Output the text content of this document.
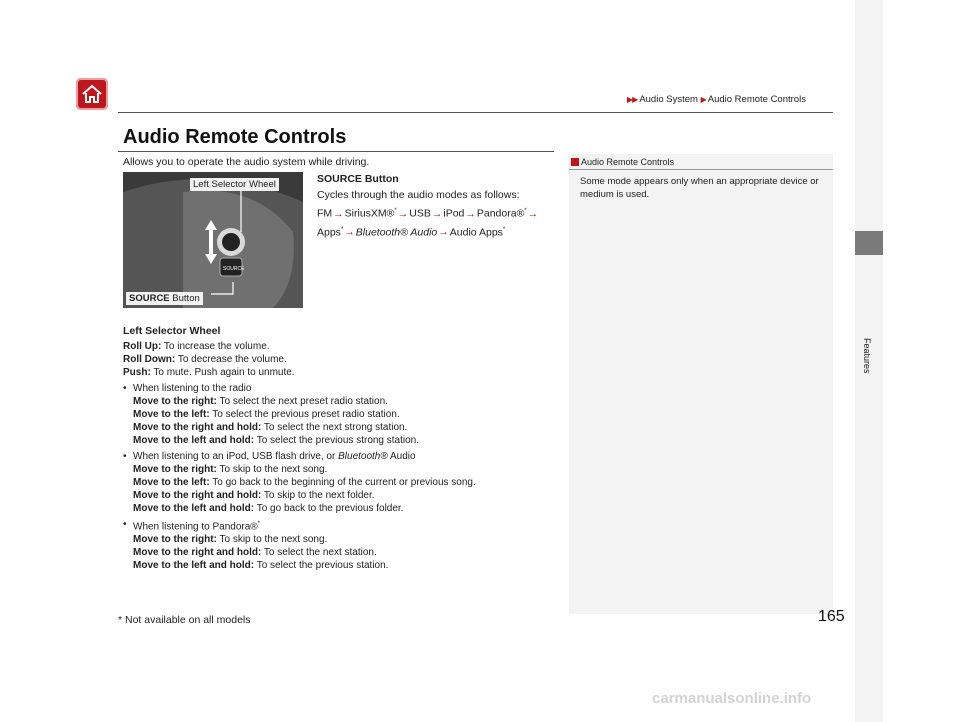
Features
▶▶ Audio System ▶ Audio Remote Controls
Audio Remote Controls
Allows you to operate the audio system while driving.
SOURCE
Left Selector Wheel
SOURCE Button
SOURCE Button
Cycles through the audio modes as follows:
FM→SiriusXM®*→USB→iPod→Pandora®*→
Apps*→Bluetooth® Audio→Audio Apps*

Left Selector Wheel

Roll Up: To increase the volume.

Roll Down: To decrease the volume.

Push: To mute. Push again to unmute.

• When listening to the radio
Move to the right: To select the next preset radio station.
Move to the left: To select the previous preset radio station.
Move to the right and hold: To select the next strong station.
Move to the left and hold: To select the previous strong station.
• When listening to an iPod, USB flash drive, or Bluetooth® Audio
Move to the right: To skip to the next song.
Move to the left: To go back to the beginning of the current or previous song.
Move to the right and hold: To skip to the next folder.
Move to the left and hold: To go back to the previous folder.
• When listening to Pandora®*
Move to the right: To skip to the next song.
Move to the right and hold: To select the next station.
Move to the left and hold: To select the previous station.
Audio Remote Controls
Some mode appears only when an appropriate device or medium is used.
* Not available on all models	165
carmanualsonline.info
